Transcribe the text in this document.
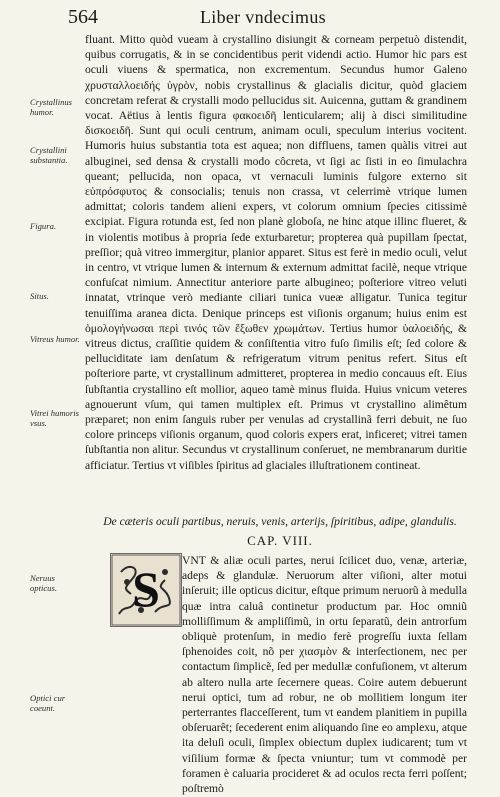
564	Liber vndecimus
Crystallinus humor.
Crystallini substantia.
Figura.
Situs.
Vitreus humor.
Vitrei humoris vsus.
Neruus opticus.
Optici cur coeunt.

fluant. Mitto quòd vueam à crystallino disiungit & corneam perpetuò distendit, quibus corrugatis, & in se concidentibus perit videndi actio. Humor hic pars est oculi viuens & spermatica, non excrementum. Secundus humor Galeno χρυσταλλοειδής ὑγρὸν, nobis crystallinus & glacialis dicitur, quòd glaciem concretam referat & crystalli modo pellucidus sit. Auicenna, guttam & grandinem vocat. Aëtius à lentis figura φακοειδῆ lenticularem; alij à disci similitudine δισκοειδῆ. Sunt qui oculi centrum, animam oculi, speculum interius vocitent. Humoris huius substantia tota est aquea; non diffluens, tamen quàlis vitrei aut albuginei, sed densa & crystalli modo côcreta, vt ſigi ac ſisti in eo ſimulachra queant; pellucida, non opaca, vt vernaculi luminis fulgore externo sit εὐπρόσφυτος & consocialis; tenuis non crassa, vt celerrimè vtrique lumen admittat; coloris tandem alieni expers, vt colorum omnium ſpecies citissimè excipiat. Figura rotunda est, ſed non planè globoſa, ne hinc atque illinc flueret, & in violentis motibus à propria ſede exturbaretur; propterea quà pupillam ſpectat, preſſior; quà vitreo immergitur, planior apparet. Situs est ferè in medio oculi, velut in centro, vt vtrique lumen & internum & externum admittat facilè, neque vtrique confuſcat nimium. Annectitur anteriore parte albugineo; poſteriore vitreo veluti innatat, vtrinque verò mediante ciliari tunica vueæ alligatur. Tunica tegitur tenuiſſima aranea dicta. Denique princeps est viſionis organum; huius enim est ὁμολογήνωσαι περὶ τινός τῶν ἔξωθεν χρωμάτων. Tertius humor ὑαλοειδής, & vitreus dictus, craſſitie quidem & conſiſtentia vitro fuſo ſimilis eſt; ſed colore & pelluciditate iam denſatum & refrigeratum vitrum penitus refert. Situs eſt poſteriore parte, vt crystallinum admitteret, propterea in medio concauus eſt. Eius ſubſtantia crystallino eſt mollior, aqueo tamè minus fluida. Huius vnicum veteres agnouerunt vſum, qui tamen multiplex eſt. Primus vt crystallino alimêtum præparet; non enim ſanguis ruber per venulas ad crystallinã ferri debuit, ne ſuo colore princeps viſionis organum, quod coloris expers erat, inficeret; vitrei tamen ſubſtantia non alitur. Secundus vt crystallinum conſeruet, ne membranarum duritie afficiatur. Tertius vt viſibles ſpiritus ad glaciales illuſtrationem contineat.

De cæteris oculi partibus, neruis, venis, arterijs, ſpiritibus, adipe, glandulis.
CAP. VIII.
VNT & aliæ oculi partes, nerui ſcilicet duo, venæ, arteriæ, adeps & glandulæ. Neruorum alter viſioni, alter motui inſeruit; ille opticus dicitur, eſtque primum neruorũ à medulla quæ intra caluâ continetur productum par. Hoc omniũ molliſſimum & ampliſſimũ, in ortu ſeparatũ, dein antrorſum obliquè protenſum, in medio ferè progreſſu iuxta ſellam ſphenoides coit, nõ per χιασμὸν & interſectionem, nec per contactum ſimplicẽ, ſed per medullæ confuſionem, vt alterum ab altero nulla arte ſecernere queas. Coire autem debuerunt nerui optici, tum ad robur, ne ob mollitiem longum iter perterrantes flacceſſerent, tum vt eandem planitiem in pupilla obſeruarêt; ſecederent enim aliquando ſine eo amplexu, atque ita deluſi oculi, ſimplex obiectum duplex iudicarent; tum vt viſilium formæ & ſpecta vniuntur; tum vt commodè per foramen è caluaria procideret & ad oculos recta ferri poſſent; poſtremò
S
